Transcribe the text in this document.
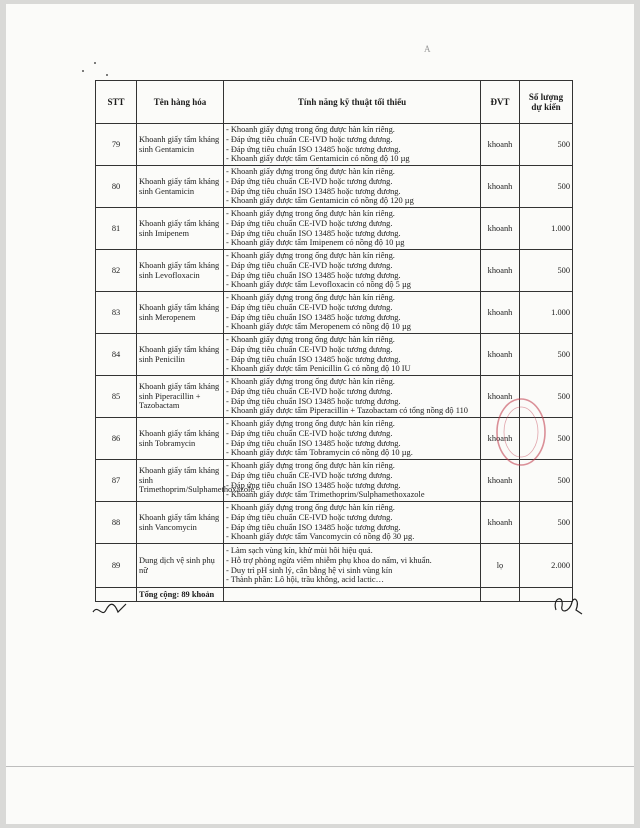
A
STT	Tên hàng hóa	Tính năng kỹ thuật tối thiểu	ĐVT	Số lượng
dự kiến
79	Khoanh giấy tẩm kháng sinh Gentamicin	- Khoanh giấy đựng trong ống được hàn kín riêng.
- Đáp ứng tiêu chuẩn CE-IVD hoặc tương đương.
- Đáp ứng tiêu chuẩn ISO 13485 hoặc tương đương.
- Khoanh giấy được tẩm Gentamicin có nồng độ 10 µg	khoanh	500
80	Khoanh giấy tẩm kháng sinh Gentamicin	- Khoanh giấy đựng trong ống được hàn kín riêng.
- Đáp ứng tiêu chuẩn CE-IVD hoặc tương đương.
- Đáp ứng tiêu chuẩn ISO 13485 hoặc tương đương.
- Khoanh giấy được tẩm Gentamicin có nồng độ 120 µg	khoanh	500
81	Khoanh giấy tẩm kháng sinh Imipenem	- Khoanh giấy đựng trong ống được hàn kín riêng.
- Đáp ứng tiêu chuẩn CE-IVD hoặc tương đương.
- Đáp ứng tiêu chuẩn ISO 13485 hoặc tương đương.
- Khoanh giấy được tẩm Imipenem có nồng độ 10 µg	khoanh	1.000
82	Khoanh giấy tẩm kháng sinh Levofloxacin	- Khoanh giấy đựng trong ống được hàn kín riêng.
- Đáp ứng tiêu chuẩn CE-IVD hoặc tương đương.
- Đáp ứng tiêu chuẩn ISO 13485 hoặc tương đương.
- Khoanh giấy được tẩm Levofloxacin có nồng độ 5 µg	khoanh	500
83	Khoanh giấy tẩm kháng sinh Meropenem	- Khoanh giấy đựng trong ống được hàn kín riêng.
- Đáp ứng tiêu chuẩn CE-IVD hoặc tương đương.
- Đáp ứng tiêu chuẩn ISO 13485 hoặc tương đương.
- Khoanh giấy được tẩm Meropenem có nồng độ 10 µg	khoanh	1.000
84	Khoanh giấy tẩm kháng sinh Penicilin	- Khoanh giấy đựng trong ống được hàn kín riêng.
- Đáp ứng tiêu chuẩn CE-IVD hoặc tương đương.
- Đáp ứng tiêu chuẩn ISO 13485 hoặc tương đương.
- Khoanh giấy được tẩm Penicillin G có nồng độ 10 IU	khoanh	500
85	Khoanh giấy tẩm kháng sinh Piperacillin + Tazobactam	- Khoanh giấy đựng trong ống được hàn kín riêng.
- Đáp ứng tiêu chuẩn CE-IVD hoặc tương đương.
- Đáp ứng tiêu chuẩn ISO 13485 hoặc tương đương.
- Khoanh giấy được tẩm Piperacillin + Tazobactam có tổng nồng độ 110	khoanh	500
86	Khoanh giấy tẩm kháng sinh Tobramycin	- Khoanh giấy đựng trong ống được hàn kín riêng.
- Đáp ứng tiêu chuẩn CE-IVD hoặc tương đương.
- Đáp ứng tiêu chuẩn ISO 13485 hoặc tương đương.
- Khoanh giấy được tẩm Tobramycin có nồng độ 10 µg.	khoanh	500
87	Khoanh giấy tẩm kháng sinh Trimethoprim/Sulphamethoxazole	- Khoanh giấy đựng trong ống được hàn kín riêng.
- Đáp ứng tiêu chuẩn CE-IVD hoặc tương đương.
- Đáp ứng tiêu chuẩn ISO 13485 hoặc tương đương.
- Khoanh giấy được tẩm Trimethoprim/Sulphamethoxazole	khoanh	500
88	Khoanh giấy tẩm kháng sinh Vancomycin	- Khoanh giấy đựng trong ống được hàn kín riêng.
- Đáp ứng tiêu chuẩn CE-IVD hoặc tương đương.
- Đáp ứng tiêu chuẩn ISO 13485 hoặc tương đương.
- Khoanh giấy được tẩm Vancomycin có nồng độ 30 µg.	khoanh	500
89	Dung dịch vệ sinh phụ nữ	- Làm sạch vùng kín, khử mùi hôi hiệu quả.
- Hỗ trợ phòng ngừa viêm nhiễm phụ khoa do nấm, vi khuẩn.
- Duy trì pH sinh lý, cân bằng hệ vi sinh vùng kín
- Thành phần: Lô hội, trầu không, acid lactic…	lọ	2.000
	Tổng cộng: 89 khoản			
